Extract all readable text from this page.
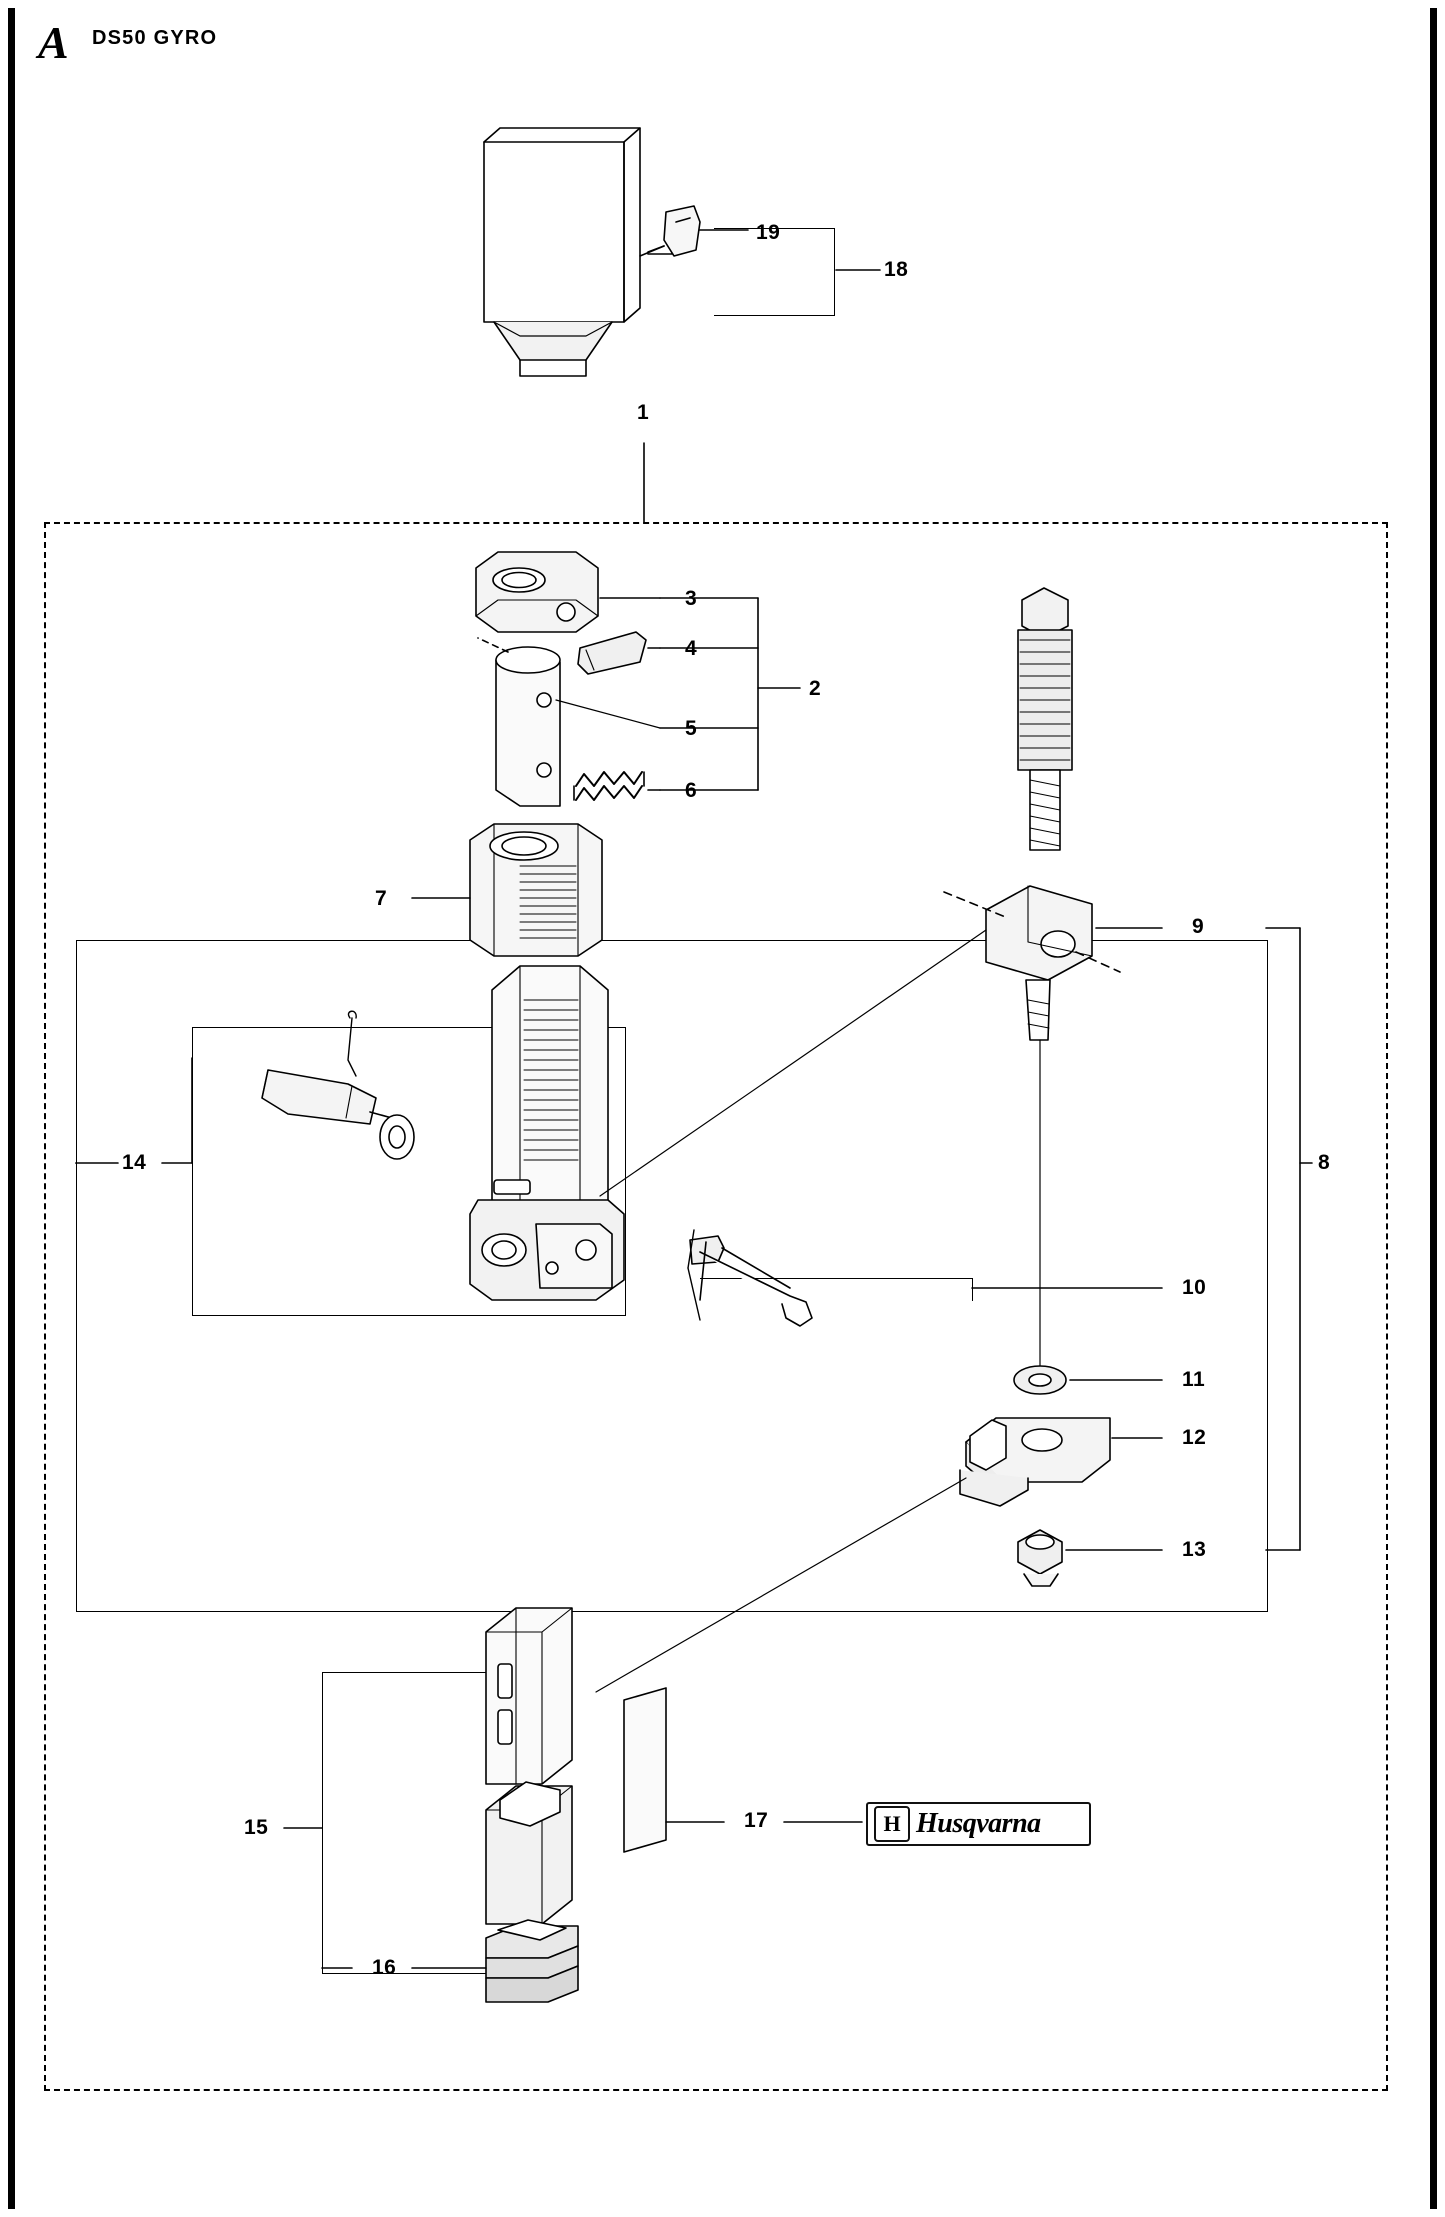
A DS50 GYRO
1
2
3
4
5
6
7
8
9
10
11
12
13
14
15
16
17
18
19
H Husqvarna
